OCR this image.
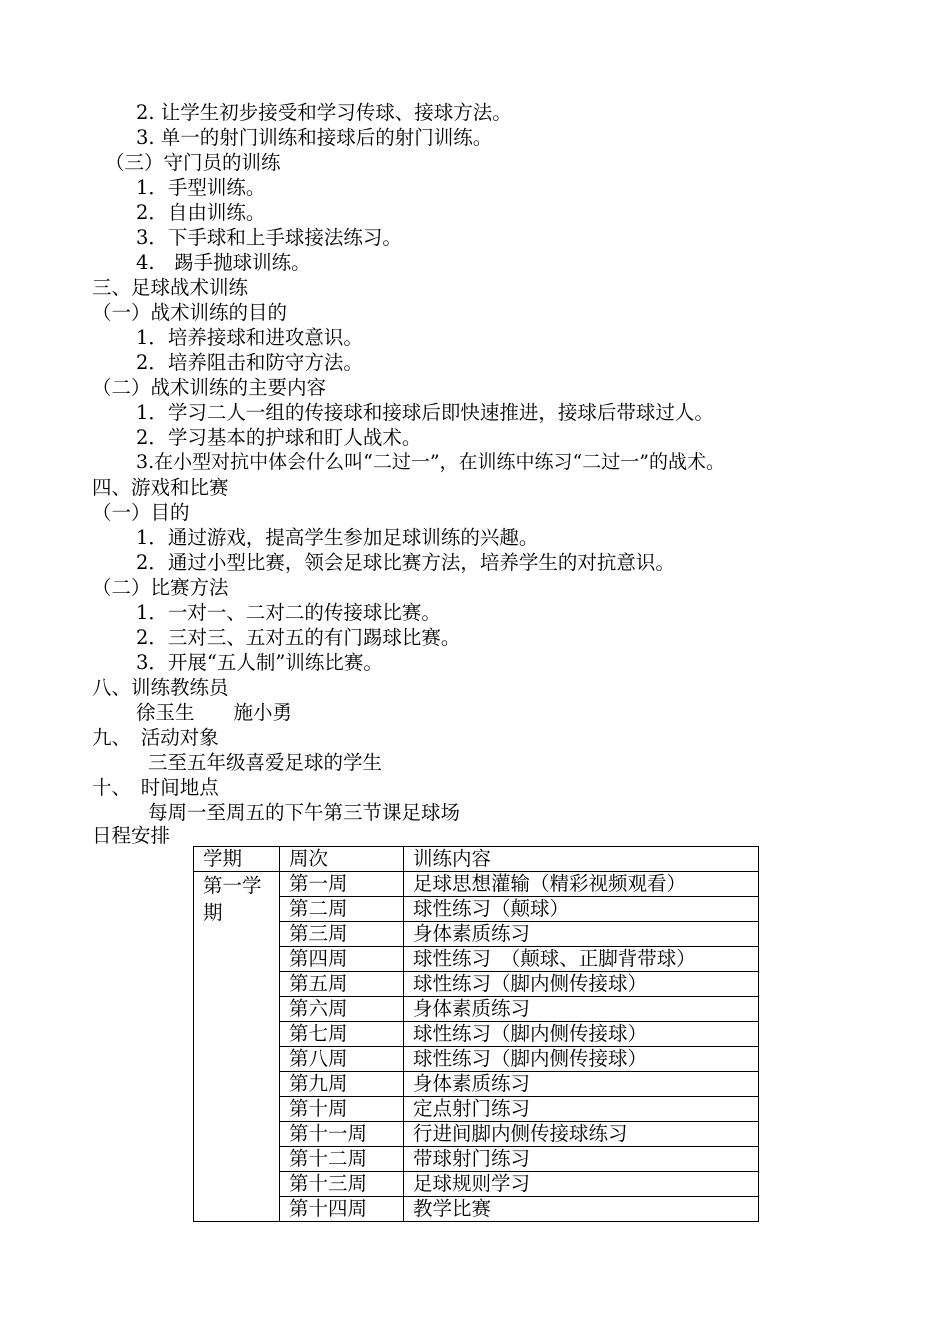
2. 让学生初步接受和学习传球、接球方法。
3. 单一的射门训练和接球后的射门训练。
（三）守门员的训练
1．手型训练。
2．自由训练。
3．下手球和上手球接法练习。
4.　踢手抛球训练。
三、足球战术训练
（一）战术训练的目的
1．培养接球和进攻意识。
2．培养阻击和防守方法。
（二）战术训练的主要内容
1．学习二人一组的传接球和接球后即快速推进，接球后带球过人。
2．学习基本的护球和盯人战术。
3.在小型对抗中体会什么叫“二过一”，在训练中练习“二过一”的战术。
四、游戏和比赛
（一）目的
1．通过游戏，提高学生参加足球训练的兴趣。
2．通过小型比赛，领会足球比赛方法，培养学生的对抗意识。
（二）比赛方法
1．一对一、二对二的传接球比赛。
2．三对三、五对五的有门踢球比赛。
3．开展“五人制”训练比赛。
八、训练教练员
徐玉生　　施小勇
九、　活动对象
三至五年级喜爱足球的学生
十、　时间地点
每周一至周五的下午第三节课足球场
日程安排
学期	周次	训练内容
第一学期	第一周	足球思想灌输（精彩视频观看）
	第二周	球性练习（颠球）
	第三周	身体素质练习
	第四周	球性练习　（颠球、正脚背带球）
	第五周	球性练习（脚内侧传接球）
	第六周	身体素质练习
	第七周	球性练习（脚内侧传接球）
	第八周	球性练习（脚内侧传接球）
	第九周	身体素质练习
	第十周	定点射门练习
	第十一周	行进间脚内侧传接球练习
	第十二周	带球射门练习
	第十三周	足球规则学习
	第十四周	教学比赛
